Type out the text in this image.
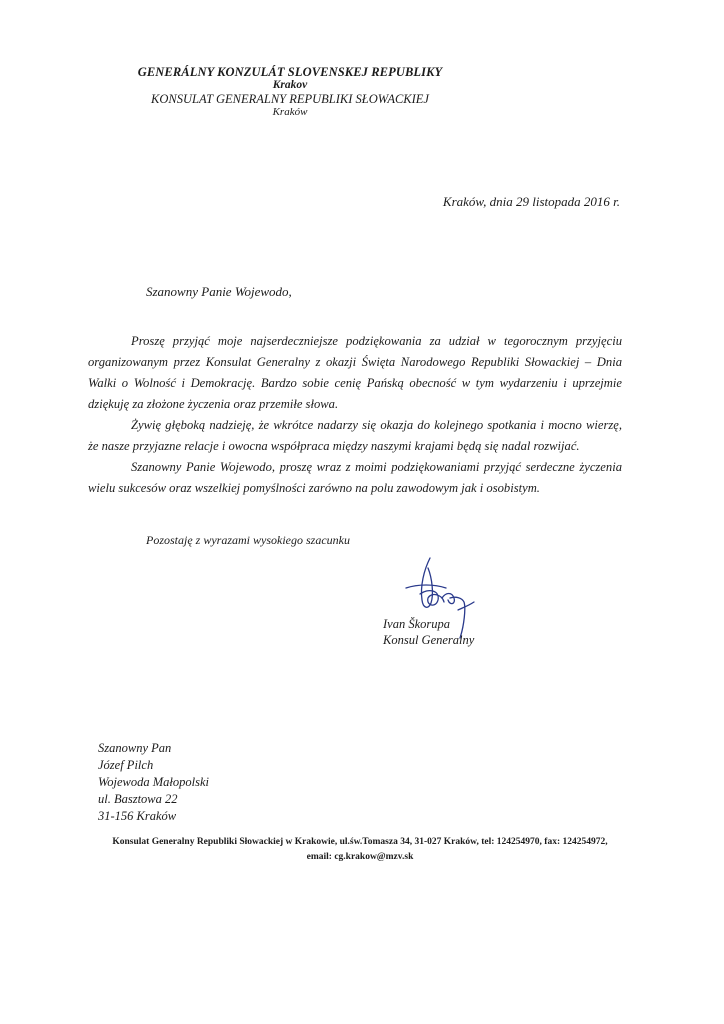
GENERÁLNY KONZULÁT SLOVENSKEJ REPUBLIKY
Krakov
KONSULAT GENERALNY REPUBLIKI SŁOWACKIEJ
Kraków
Kraków, dnia 29 listopada 2016 r.
Szanowny Panie Wojewodo,

Proszę przyjąć moje najserdeczniejsze podziękowania za udział w tegorocznym przyjęciu organizowanym przez Konsulat Generalny z okazji Święta Narodowego Republiki Słowackiej – Dnia Walki o Wolność i Demokrację. Bardzo sobie cenię Pańską obecność w tym wydarzeniu i uprzejmie dziękuję za złożone życzenia oraz przemiłe słowa.

Żywię głęboką nadzieję, że wkrótce nadarzy się okazja do kolejnego spotkania i mocno wierzę, że nasze przyjazne relacje i owocna współpraca między naszymi krajami będą się nadal rozwijać.

Szanowny Panie Wojewodo, proszę wraz z moimi podziękowaniami przyjąć serdeczne życzenia wielu sukcesów oraz wszelkiej pomyślności zarówno na polu zawodowym jak i osobistym.

Pozostaję z wyrazami wysokiego szacunku
Ivan Škorupa
Konsul Generalny
Szanowny Pan
Józef Pilch
Wojewoda Małopolski
ul. Basztowa 22
31-156 Kraków
Konsulat Generalny Republiki Słowackiej w Krakowie, ul.św.Tomasza 34, 31-027 Kraków, tel: 124254970, fax: 124254972,
email: cg.krakow@mzv.sk
